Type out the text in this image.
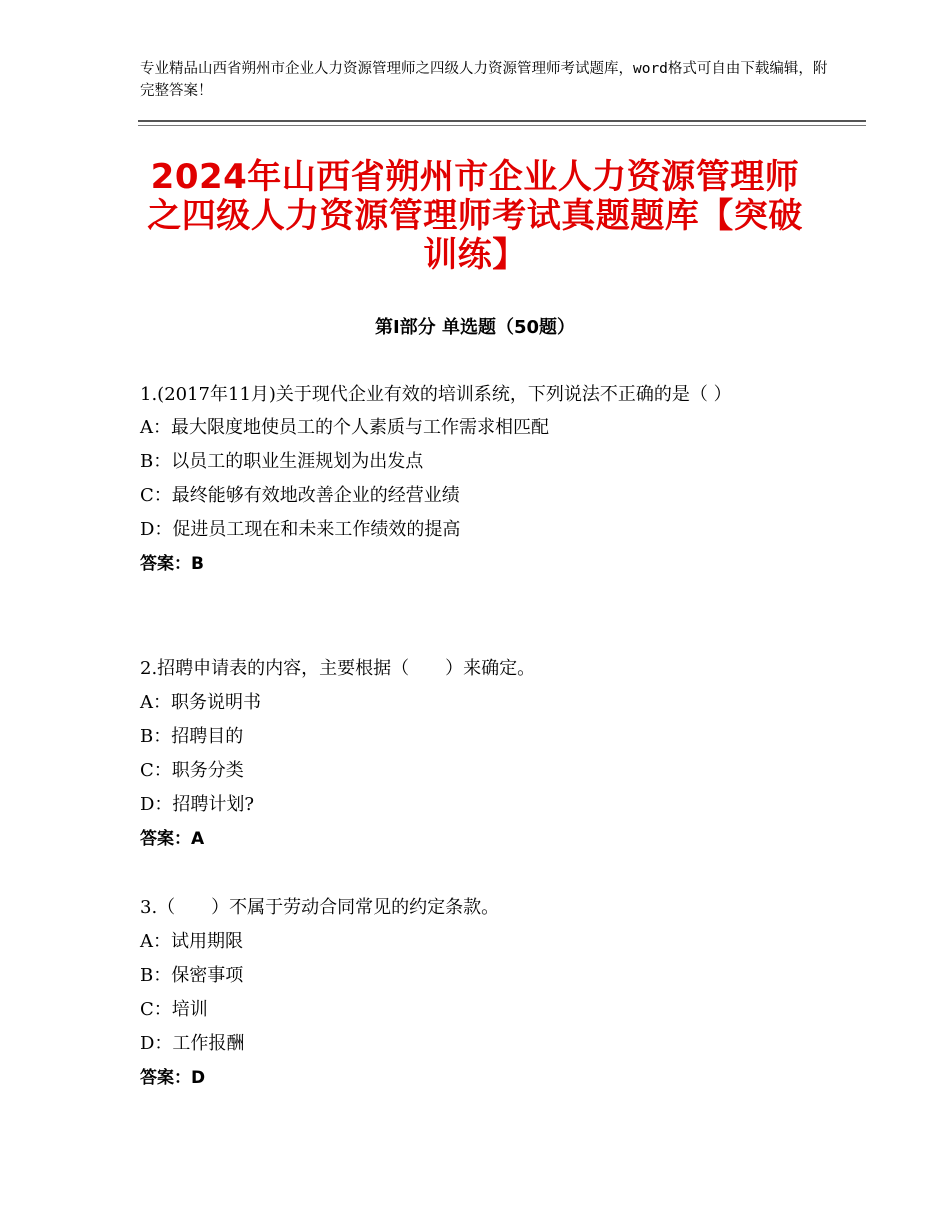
专业精品山西省朔州市企业人力资源管理师之四级人力资源管理师考试题库，word格式可自由下载编辑，附完整答案！
2024年山西省朔州市企业人力资源管理师之四级人力资源管理师考试真题题库【突破训练】
第I部分 单选题（50题）
1.(2017年11月)关于现代企业有效的培训系统，下列说法不正确的是（ ）
A：最大限度地使员工的个人素质与工作需求相匹配
B：以员工的职业生涯规划为出发点
C：最终能够有效地改善企业的经营业绩
D：促进员工现在和未来工作绩效的提高
答案：B
2.招聘申请表的内容，主要根据（　　）来确定。
A：职务说明书
B：招聘目的
C：职务分类
D：招聘计划?
答案：A
3.（　　）不属于劳动合同常见的约定条款。
A：试用期限
B：保密事项
C：培训
D：工作报酬
答案：D
